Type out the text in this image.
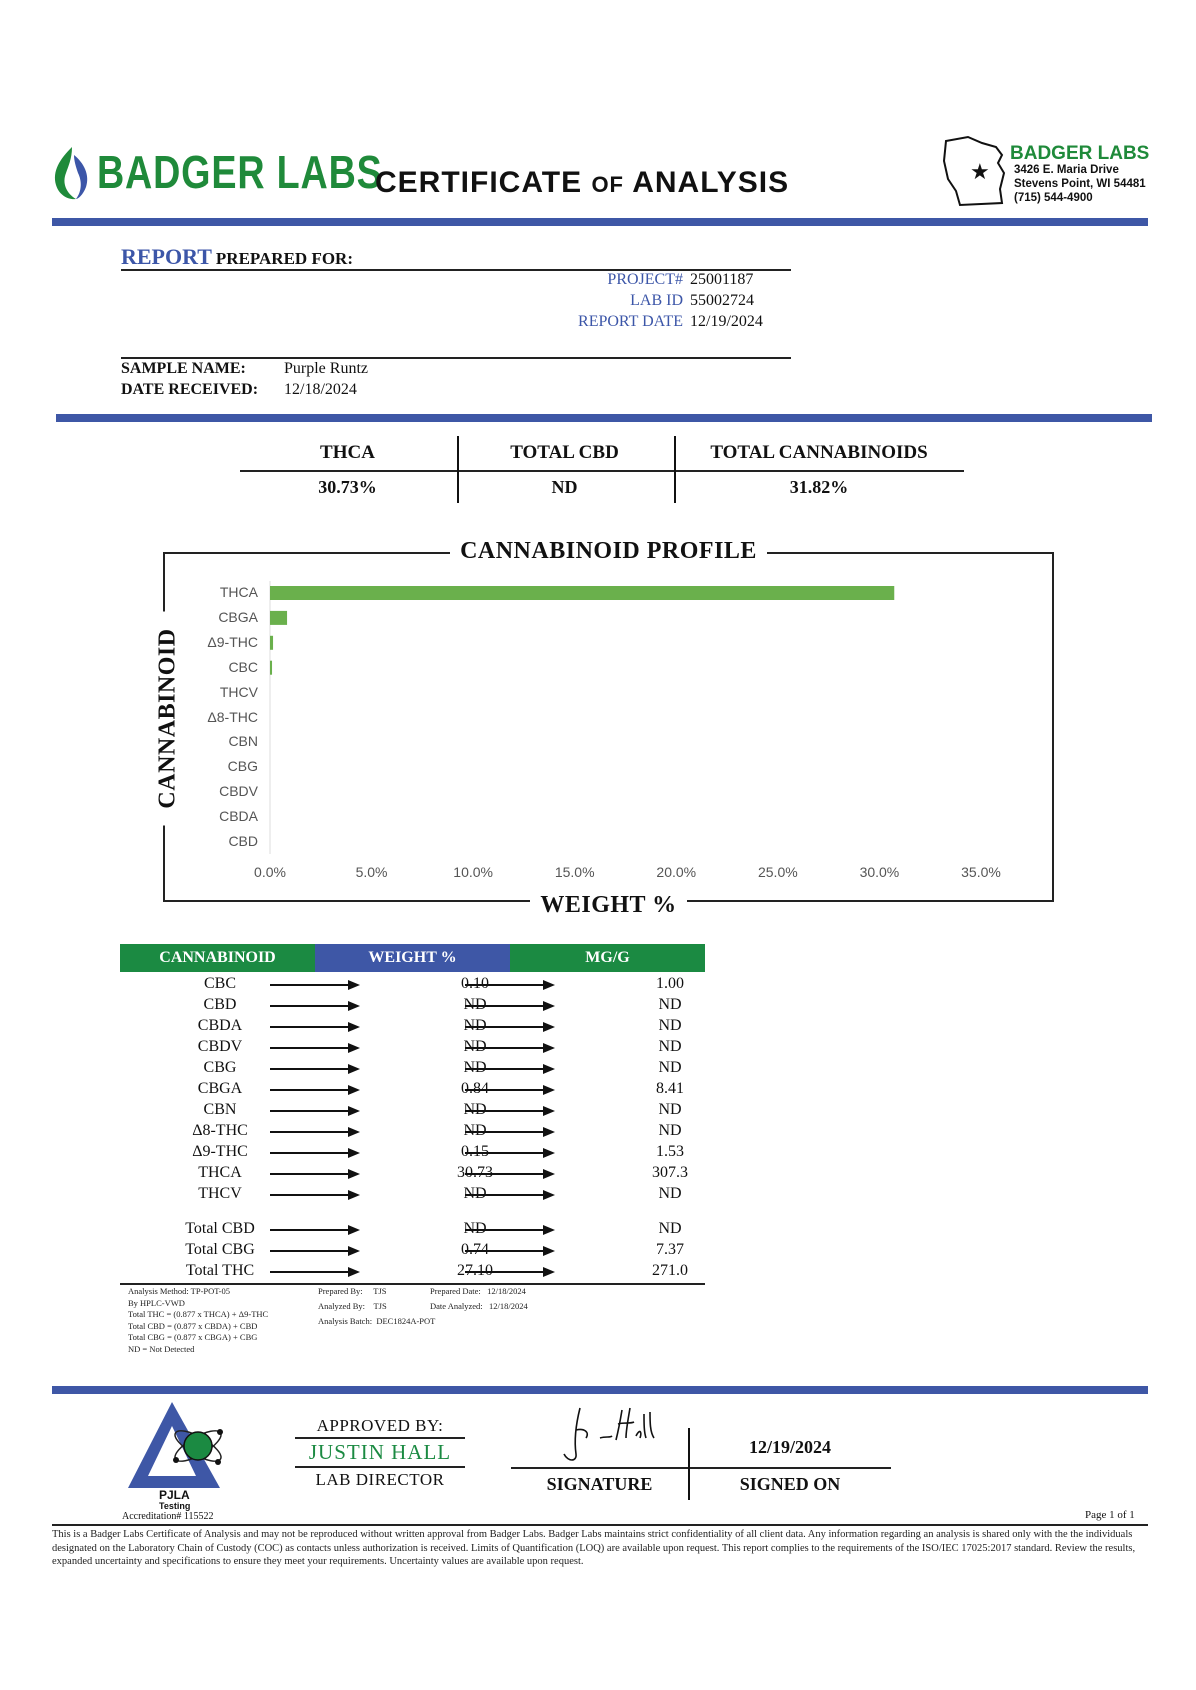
BADGER LABS
CERTIFICATE OF ANALYSIS	★
BADGER LABS
3426 E. Maria Drive
Stevens Point, WI 54481
(715) 544-4900
REPORT PREPARED FOR:
PROJECT# 25001187
LAB ID 55002724
REPORT DATE 12/19/2024
SAMPLE NAME: Purple Runtz
DATE RECEIVED: 12/18/2024
THCA	TOTAL CBD	TOTAL CANNABINOIDS
30.73%	ND	31.82%
CANNABINOID PROFILE
WEIGHT %
CANNABINOID
THCA
CBGA
Δ9-THC
CBC
THCV
Δ8-THC
CBN
CBG
CBDV
CBDA
CBD
0.0%	5.0%	10.0%	15.0%	20.0%	25.0%	30.0%	35.0%
CANNABINOID	WEIGHT %	MG/G
CBC	0.10	1.00
CBD	ND	ND
CBDA	ND	ND
CBDV	ND	ND
CBG	ND	ND
CBGA	0.84	8.41
CBN	ND	ND
Δ8-THC	ND	ND
Δ9-THC	0.15	1.53
THCA	30.73	307.3
THCV	ND	ND
Total CBD	ND	ND
Total CBG	0.74	7.37
Total THC	27.10	271.0
Analysis Method: TP-POT-05
By HPLC-VWD
Total THC = (0.877 x THCA) + Δ9-THC
Total CBD = (0.877 x CBDA) + CBD
Total CBG = (0.877 x CBGA) + CBG
ND = Not Detected
Prepared By: TJS	Prepared Date: 12/18/2024
Analyzed By: TJS	Date Analyzed: 12/18/2024
Analysis Batch: DEC1824A-POT
PJLA
Testing
Accreditation# 115522
APPROVED BY:
JUSTIN HALL
LAB DIRECTOR
12/19/2024
SIGNATURE	SIGNED ON
Page 1 of 1
This is a Badger Labs Certificate of Analysis and may not be reproduced without written approval from Badger Labs. Badger Labs maintains strict confidentiality of all client data. Any information regarding an analysis is shared only with the the individuals designated on the Laboratory Chain of Custody (COC) as contacts unless authorization is received. Limits of Quantification (LOQ) are available upon request. This report complies to the requirements of the ISO/IEC 17025:2017 standard. Review the results, expanded uncertainty and specifications to ensure they meet your requirements. Uncertainty values are available upon request.
